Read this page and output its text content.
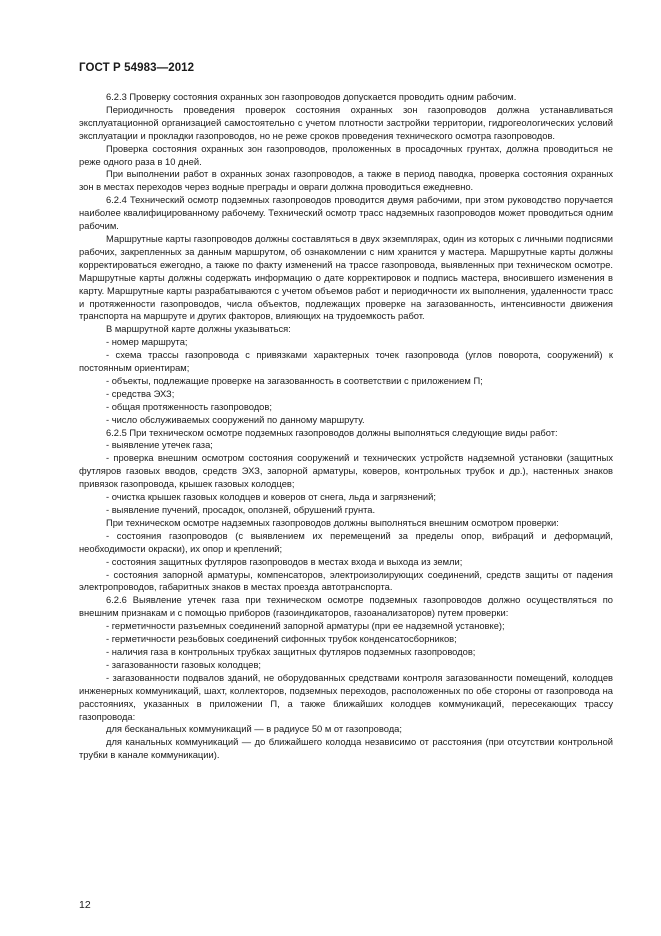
ГОСТ Р 54983—2012

6.2.3 Проверку состояния охранных зон газопроводов допускается проводить одним рабочим.

Периодичность проведения проверок состояния охранных зон газопроводов должна устанавливаться эксплуатационной организацией самостоятельно с учетом плотности застройки территории, гидрогеологических условий эксплуатации и прокладки газопроводов, но не реже сроков проведения технического осмотра газопроводов.

Проверка состояния охранных зон газопроводов, проложенных в просадочных грунтах, должна проводиться не реже одного раза в 10 дней.

При выполнении работ в охранных зонах газопроводов, а также в период паводка, проверка состояния охранных зон в местах переходов через водные преграды и овраги должна проводиться ежедневно.

6.2.4 Технический осмотр подземных газопроводов проводится двумя рабочими, при этом руководство поручается наиболее квалифицированному рабочему. Технический осмотр трасс надземных газопроводов может проводиться одним рабочим.

Маршрутные карты газопроводов должны составляться в двух экземплярах, один из которых с личными подписями рабочих, закрепленных за данным маршрутом, об ознакомлении с ним хранится у мастера. Маршрутные карты должны корректироваться ежегодно, а также по факту изменений на трассе газопровода, выявленных при техническом осмотре. Маршрутные карты должны содержать информацию о дате корректировок и подпись мастера, вносившего изменения в карту. Маршрутные карты разрабатываются с учетом объемов работ и периодичности их выполнения, удаленности трасс и протяженности газопроводов, числа объектов, подлежащих проверке на загазованность, интенсивности движения транспорта на маршруте и других факторов, влияющих на трудоемкость работ.

В маршрутной карте должны указываться:

- номер маршрута;

- схема трассы газопровода с привязками характерных точек газопровода (углов поворота, сооружений) к постоянным ориентирам;

- объекты, подлежащие проверке на загазованность в соответствии с приложением П;

- средства ЭХЗ;

- общая протяженность газопроводов;

- число обслуживаемых сооружений по данному маршруту.

6.2.5 При техническом осмотре подземных газопроводов должны выполняться следующие виды работ:

- выявление утечек газа;

- проверка внешним осмотром состояния сооружений и технических устройств надземной установки (защитных футляров газовых вводов, средств ЭХЗ, запорной арматуры, коверов, контрольных трубок и др.), настенных знаков привязок газопровода, крышек газовых колодцев;

- очистка крышек газовых колодцев и коверов от снега, льда и загрязнений;

- выявление пучений, просадок, оползней, обрушений грунта.

При техническом осмотре надземных газопроводов должны выполняться внешним осмотром проверки:

- состояния газопроводов (с выявлением их перемещений за пределы опор, вибраций и деформаций, необходимости окраски), их опор и креплений;

- состояния защитных футляров газопроводов в местах входа и выхода из земли;

- состояния запорной арматуры, компенсаторов, электроизолирующих соединений, средств защиты от падения электропроводов, габаритных знаков в местах проезда автотранспорта.

6.2.6 Выявление утечек газа при техническом осмотре подземных газопроводов должно осуществляться по внешним признакам и с помощью приборов (газоиндикаторов, газоанализаторов) путем проверки:

- герметичности разъемных соединений запорной арматуры (при ее надземной установке);

- герметичности резьбовых соединений сифонных трубок конденсатосборников;

- наличия газа в контрольных трубках защитных футляров подземных газопроводов;

- загазованности газовых колодцев;

- загазованности подвалов зданий, не оборудованных средствами контроля загазованности помещений, колодцев инженерных коммуникаций, шахт, коллекторов, подземных переходов, расположенных по обе стороны от газопровода на расстояниях, указанных в приложении П, а также ближайших колодцев коммуникаций, пересекающих трассу газопровода:

для бесканальных коммуникаций — в радиусе 50 м от газопровода;

для канальных коммуникаций — до ближайшего колодца независимо от расстояния (при отсутствии контрольной трубки в канале коммуникации).

12
